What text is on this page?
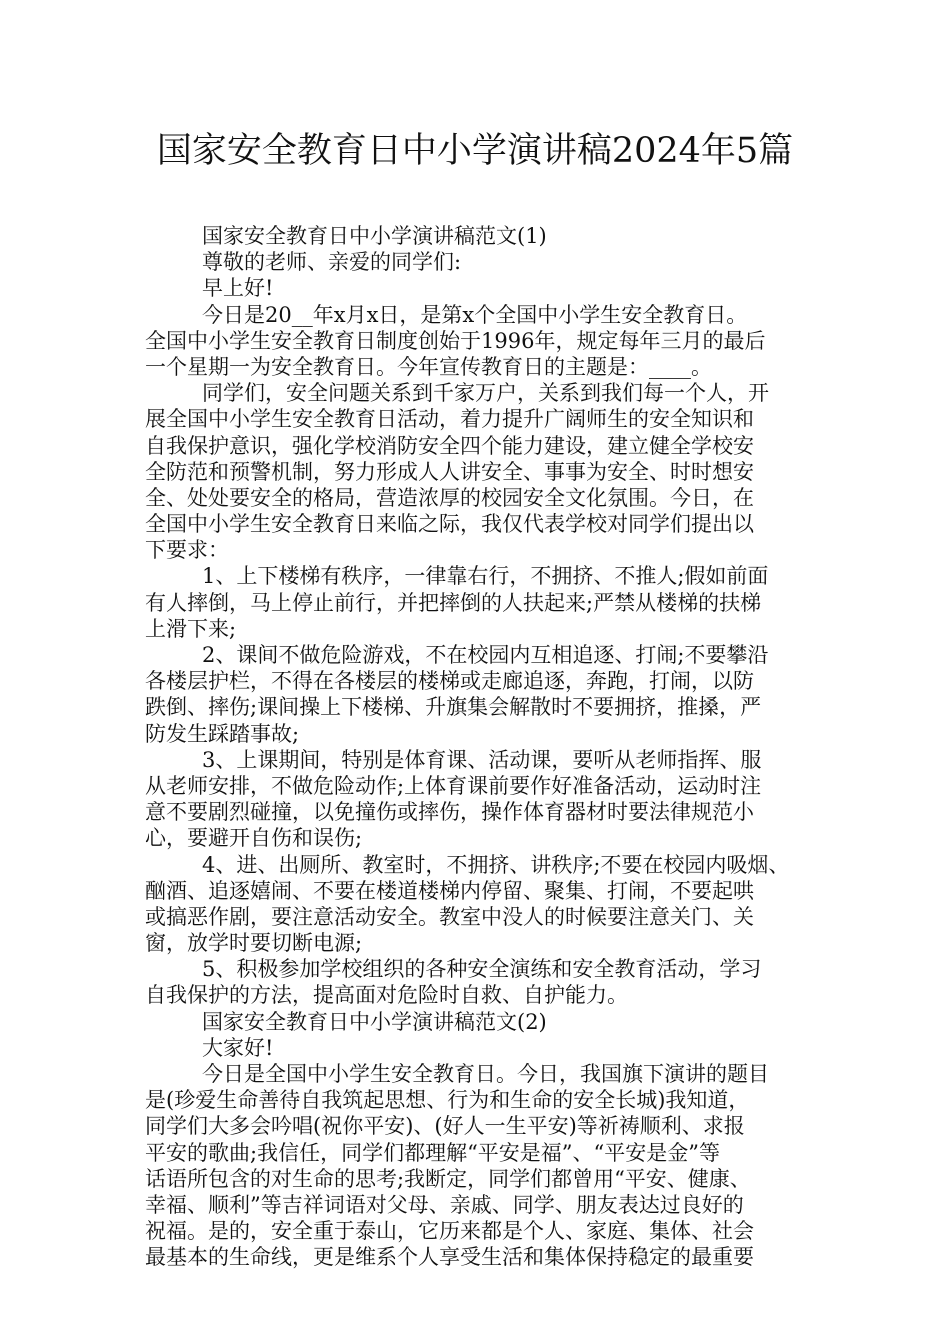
国家安全教育日中小学演讲稿2024年5篇
国家安全教育日中小学演讲稿范文(1)
尊敬的老师、亲爱的同学们:
早上好!
今日是20__年x月x日，是第x个全国中小学生安全教育日。
全国中小学生安全教育日制度创始于1996年，规定每年三月的最后
一个星期一为安全教育日。今年宣传教育日的主题是：____。
同学们，安全问题关系到千家万户，关系到我们每一个人，开
展全国中小学生安全教育日活动，着力提升广阔师生的安全知识和
自我保护意识，强化学校消防安全四个能力建设，建立健全学校安
全防范和预警机制，努力形成人人讲安全、事事为安全、时时想安
全、处处要安全的格局，营造浓厚的校园安全文化氛围。今日，在
全国中小学生安全教育日来临之际，我仅代表学校对同学们提出以
下要求：
1、上下楼梯有秩序，一律靠右行，不拥挤、不推人;假如前面
有人摔倒，马上停止前行，并把摔倒的人扶起来;严禁从楼梯的扶梯
上滑下来;
2、课间不做危险游戏，不在校园内互相追逐、打闹;不要攀沿
各楼层护栏，不得在各楼层的楼梯或走廊追逐，奔跑，打闹，以防
跌倒、摔伤;课间操上下楼梯、升旗集会解散时不要拥挤，推搡，严
防发生踩踏事故;
3、上课期间，特别是体育课、活动课，要听从老师指挥、服
从老师安排，不做危险动作;上体育课前要作好准备活动，运动时注
意不要剧烈碰撞，以免撞伤或摔伤，操作体育器材时要法律规范小
心，要避开自伤和误伤;
4、进、出厕所、教室时，不拥挤、讲秩序;不要在校园内吸烟、
酗酒、追逐嬉闹、不要在楼道楼梯内停留、聚集、打闹，不要起哄
或搞恶作剧，要注意活动安全。教室中没人的时候要注意关门、关
窗，放学时要切断电源;
5、积极参加学校组织的各种安全演练和安全教育活动，学习
自我保护的方法，提高面对危险时自救、自护能力。
国家安全教育日中小学演讲稿范文(2)
大家好!
今日是全国中小学生安全教育日。今日，我国旗下演讲的题目
是(珍爱生命善待自我筑起思想、行为和生命的安全长城)我知道，
同学们大多会吟唱(祝你平安)、(好人一生平安)等祈祷顺利、求报
平安的歌曲;我信任，同学们都理解“平安是福”、“平安是金”等
话语所包含的对生命的思考;我断定，同学们都曾用“平安、健康、
幸福、顺利”等吉祥词语对父母、亲戚、同学、朋友表达过良好的
祝福。是的，安全重于泰山，它历来都是个人、家庭、集体、社会
最基本的生命线，更是维系个人享受生活和集体保持稳定的最重要
